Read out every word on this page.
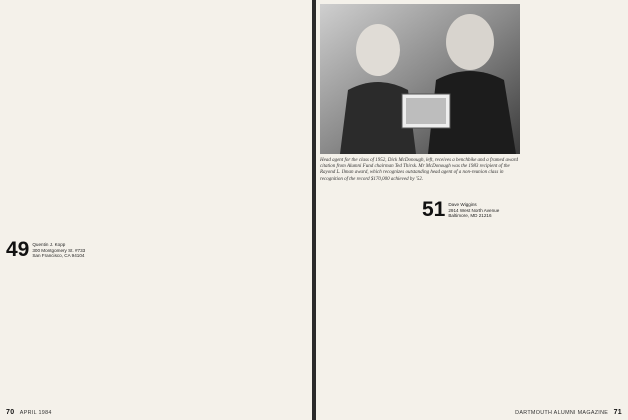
49 Quentin J. Kopp
300 Montgomery St. #733
San Francisco, CA 94104
70 APRIL 1984
Head agent for the class of 1952, Dick McDonough, left, receives a benchbike and a framed award citation from Alumni Fund chairman Ted Thirsk. Mr McDonough was the 1983 recipient of the Rayond L. Ilman award, which recognizes outstanding head agent of a non-reunion class in recognition of the record $170,000 achieved by '52.
51 Dave Wiggins
2914 West North Avenue
Baltimore, MD 21216
DARTMOUTH ALUMNI MAGAZINE 71
